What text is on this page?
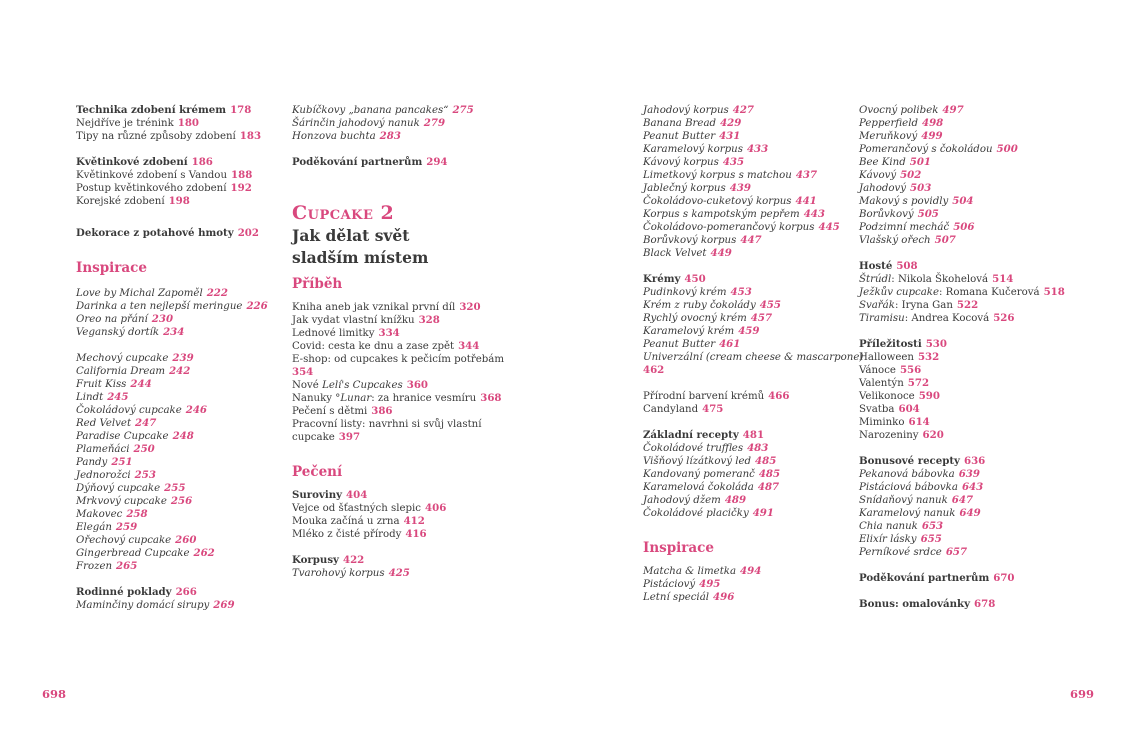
Technika zdobení krémem 178
Nejdříve je trénink 180
Tipy na různé způsoby zdobení 183
Květinkové zdobení 186
Květinkové zdobení s Vandou 188
Postup květinkového zdobení 192
Korejské zdobení 198
Dekorace z potahové hmoty 202
Inspirace
Love by Michal Zapoměl 222
Darinka a ten nejlepší meringue 226
Oreo na přání 230
Veganský dortík 234
Mechový cupcake 239
California Dream 242
Fruit Kiss 244
Lindt 245
Čokoládový cupcake 246
Red Velvet 247
Paradise Cupcake 248
Plameňáci 250
Pandy 251
Jednorožci 253
Dýňový cupcake 255
Mrkvový cupcake 256
Makovec 258
Elegán 259
Ořechový cupcake 260
Gingerbread Cupcake 262
Frozen 265
Rodinné poklady 266
Maminčiny domácí sirupy 269
Kubíčkovy „banana pancakes“ 275
Šárinčin jahodový nanuk 279
Honzova buchta 283
Poděkování partnerům 294
Cupcake 2
Jak dělat svět
sladším místem
Příběh
Kniha aneb jak vznikal první díl 320
Jak vydat vlastní knížku 328
Lednové limitky 334
Covid: cesta ke dnu a zase zpět 344
E-shop: od cupcakes k pečicím potřebám
354
Nové Lelí's Cupcakes 360
Nanuky °Lunar: za hranice vesmíru 368
Pečení s dětmi 386
Pracovní listy: navrhni si svůj vlastní cupcake 397
Pečení
Suroviny 404
Vejce od šťastných slepic 406
Mouka začíná u zrna 412
Mléko z čisté přírody 416
Korpusy 422
Tvarohový korpus 425
Jahodový korpus 427
Banana Bread 429
Peanut Butter 431
Karamelový korpus 433
Kávový korpus 435
Limetkový korpus s matchou 437
Jablečný korpus 439
Čokoládovo-cuketový korpus 441
Korpus s kampotským pepřem 443
Čokoládovo-pomerančový korpus 445
Borůvkový korpus 447
Black Velvet 449
Krémy 450
Pudinkový krém 453
Krém z ruby čokolády 455
Rychlý ovocný krém 457
Karamelový krém 459
Peanut Butter 461
Univerzální (cream cheese & mascarpone)
462
Přírodní barvení krémů 466
Candyland 475
Základní recepty 481
Čokoládové truffles 483
Višňový lízátkový led 485
Kandovaný pomeranč 485
Karamelová čokoláda 487
Jahodový džem 489
Čokoládové placičky 491
Inspirace
Matcha & limetka 494
Pistáciový 495
Letní speciál 496
Ovocný polibek 497
Pepperfield 498
Meruňkový 499
Pomerančový s čokoládou 500
Bee Kind 501
Kávový 502
Jahodový 503
Makový s povidly 504
Borůvkový 505
Podzimní mecháč 506
Vlašský ořech 507
Hosté 508
Štrúdl: Nikola Škohelová 514
Ježkův cupcake: Romana Kučerová 518
Svařák: Iryna Gan 522
Tiramisu: Andrea Kocová 526
Příležitosti 530
Halloween 532
Vánoce 556
Valentýn 572
Velikonoce 590
Svatba 604
Miminko 614
Narozeniny 620
Bonusové recepty 636
Pekanová bábovka 639
Pistáciová bábovka 643
Snídaňový nanuk 647
Karamelový nanuk 649
Chia nanuk 653
Elixír lásky 655
Perníkové srdce 657
Poděkování partnerům 670
Bonus: omalovánky 678
698	699
